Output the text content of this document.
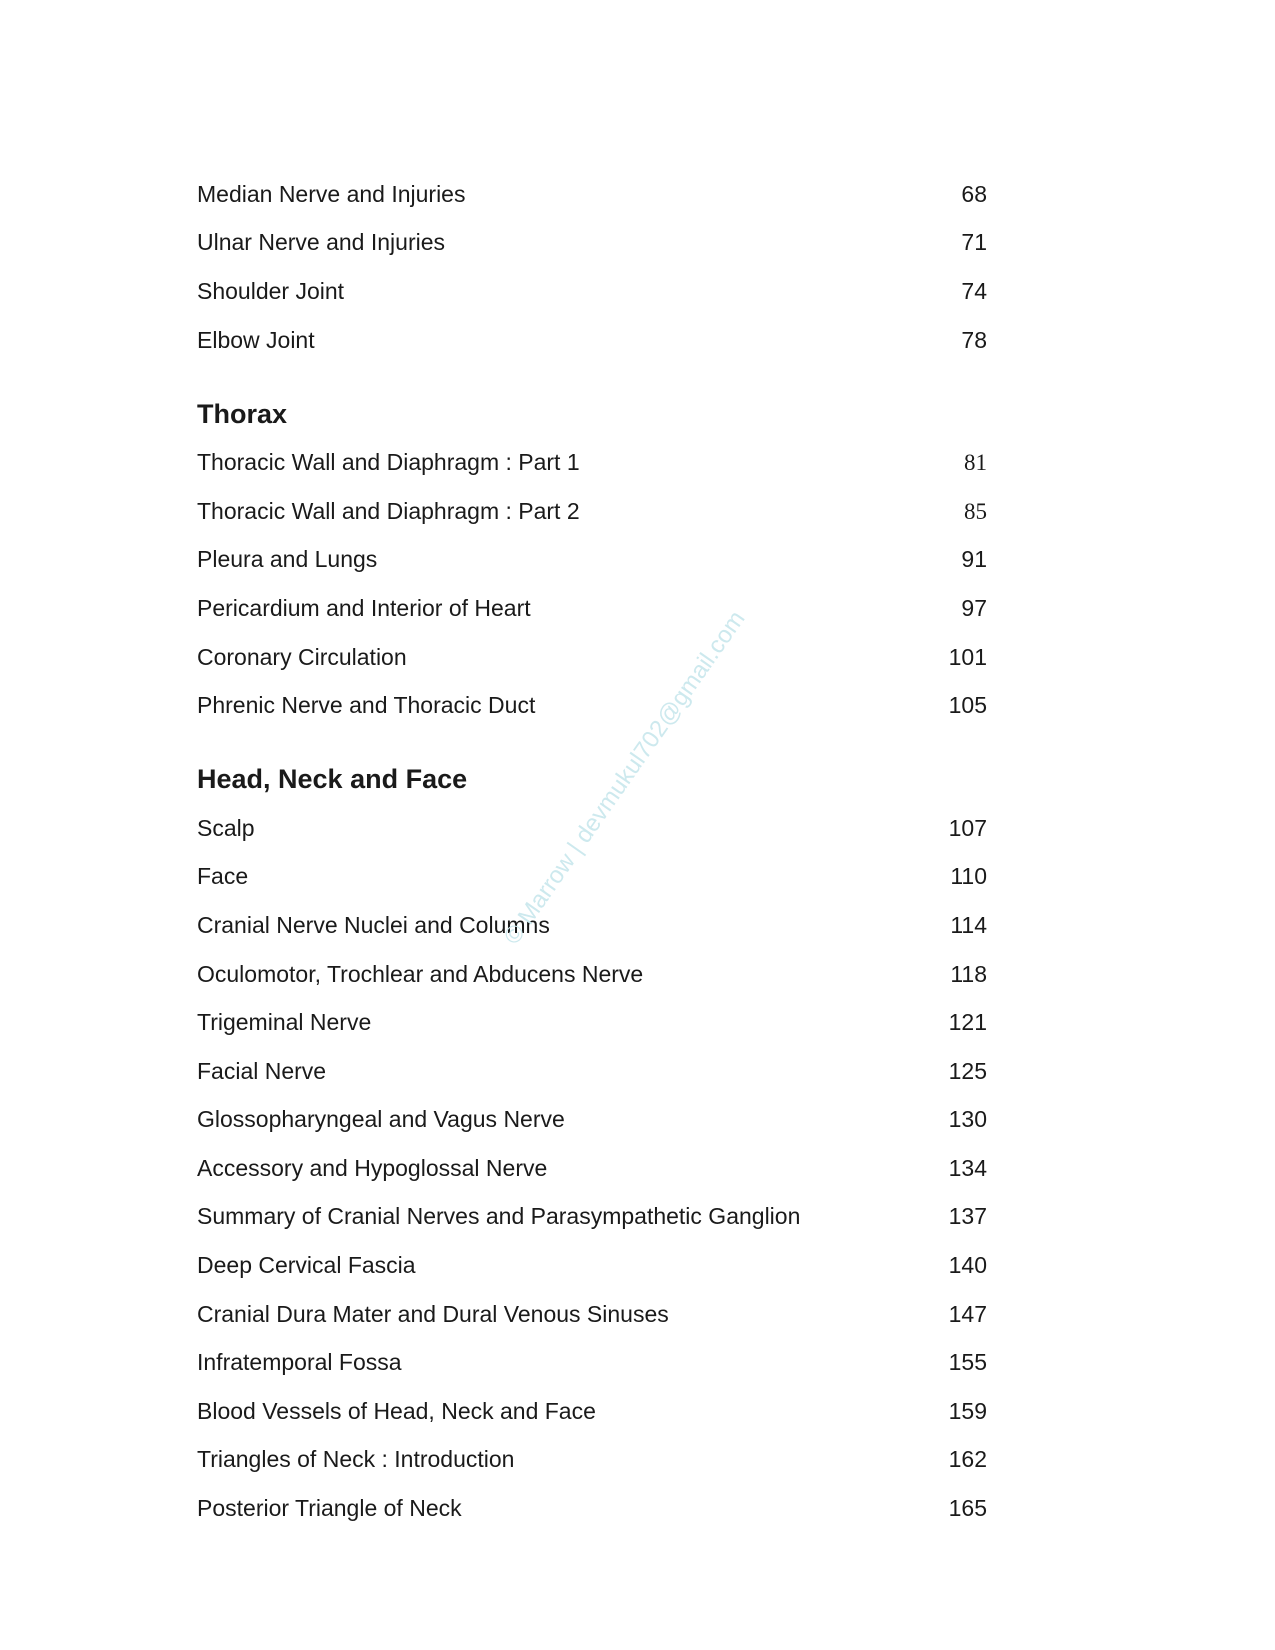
Median Nerve and Injuries	68
Ulnar Nerve and Injuries	71
Shoulder Joint	74
Elbow Joint	78
Thorax
Thoracic Wall and Diaphragm : Part 1	81
Thoracic Wall and Diaphragm : Part 2	85
Pleura and Lungs	91
Pericardium and Interior of Heart	97
Coronary Circulation	101
Phrenic Nerve and Thoracic Duct	105
Head, Neck and Face
Scalp	107
Face	110
Cranial Nerve Nuclei and Columns	114
Oculomotor, Trochlear and Abducens Nerve	118
Trigeminal Nerve	121
Facial Nerve	125
Glossopharyngeal and Vagus Nerve	130
Accessory and Hypoglossal Nerve	134
Summary of Cranial Nerves and Parasympathetic Ganglion	137
Deep Cervical Fascia	140
Cranial Dura Mater and Dural Venous Sinuses	147
Infratemporal Fossa	155
Blood Vessels of Head, Neck and Face	159
Triangles of Neck : Introduction	162
Posterior Triangle of Neck	165
© Marrow | devmukul702@gmail.com
